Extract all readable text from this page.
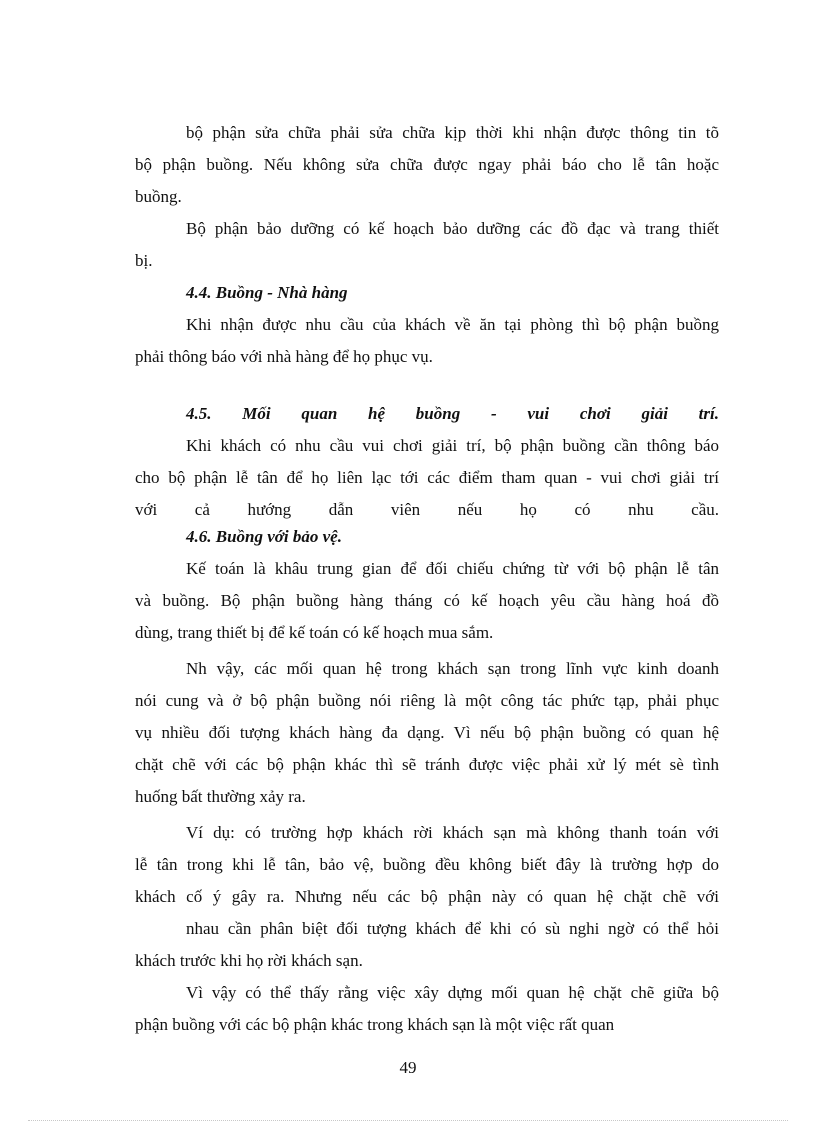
bộ phận sửa chữa phải sửa chữa kịp thời khi nhận được thông tin tõ
bộ phận buồng. Nếu không sửa chữa được ngay phải báo cho lễ tân hoặc
buồng.
Bộ phận bảo dưỡng có kế hoạch bảo dưỡng các đồ đạc và trang thiết
bị.
4.4. Buồng - Nhà hàng
Khi nhận được nhu cầu của khách về ăn tại phòng thì bộ phận buồng
phải thông báo với nhà hàng để họ phục vụ.
4.5. Mối quan hệ buồng - vui chơi giải trí.
Khi khách có nhu cầu vui chơi giải trí, bộ phận buồng cần thông báo
cho bộ phận lễ tân để họ liên lạc tới các điểm tham quan - vui chơi giải trí
với cả hướng dẫn viên nếu họ có nhu cầu.
4.6. Buồng với bảo vệ.
Kế toán là khâu trung gian để đối chiếu chứng từ với bộ phận lễ tân
và buồng. Bộ phận buồng hàng tháng có kế hoạch yêu cầu hàng hoá đồ
dùng, trang thiết bị để kế toán có kế hoạch mua sắm.
Nh vậy, các mối quan hệ trong khách sạn trong lĩnh vực kinh doanh
nói cung và ở bộ phận buồng nói riêng là một công tác phức tạp, phải phục
vụ nhiều đối tượng khách hàng đa dạng. Vì nếu bộ phận buồng có quan hệ
chặt chẽ với các bộ phận khác thì sẽ tránh được việc phải xử lý mét sè tình
huống bất thường xảy ra.
Ví dụ: có trường hợp khách rời khách sạn mà không thanh toán với
lễ tân trong khi lễ tân, bảo vệ, buồng đều không biết đây là trường hợp do
khách cố ý gây ra. Nhưng nếu các bộ phận này có quan hệ chặt chẽ với
nhau cần phân biệt đối tượng khách để khi có sù nghi ngờ có thể hỏi
khách trước khi họ rời khách sạn.
Vì vậy có thể thấy rằng việc xây dựng mối quan hệ chặt chẽ giữa bộ
phận buồng với các bộ phận khác trong khách sạn là một việc rất quan
49
